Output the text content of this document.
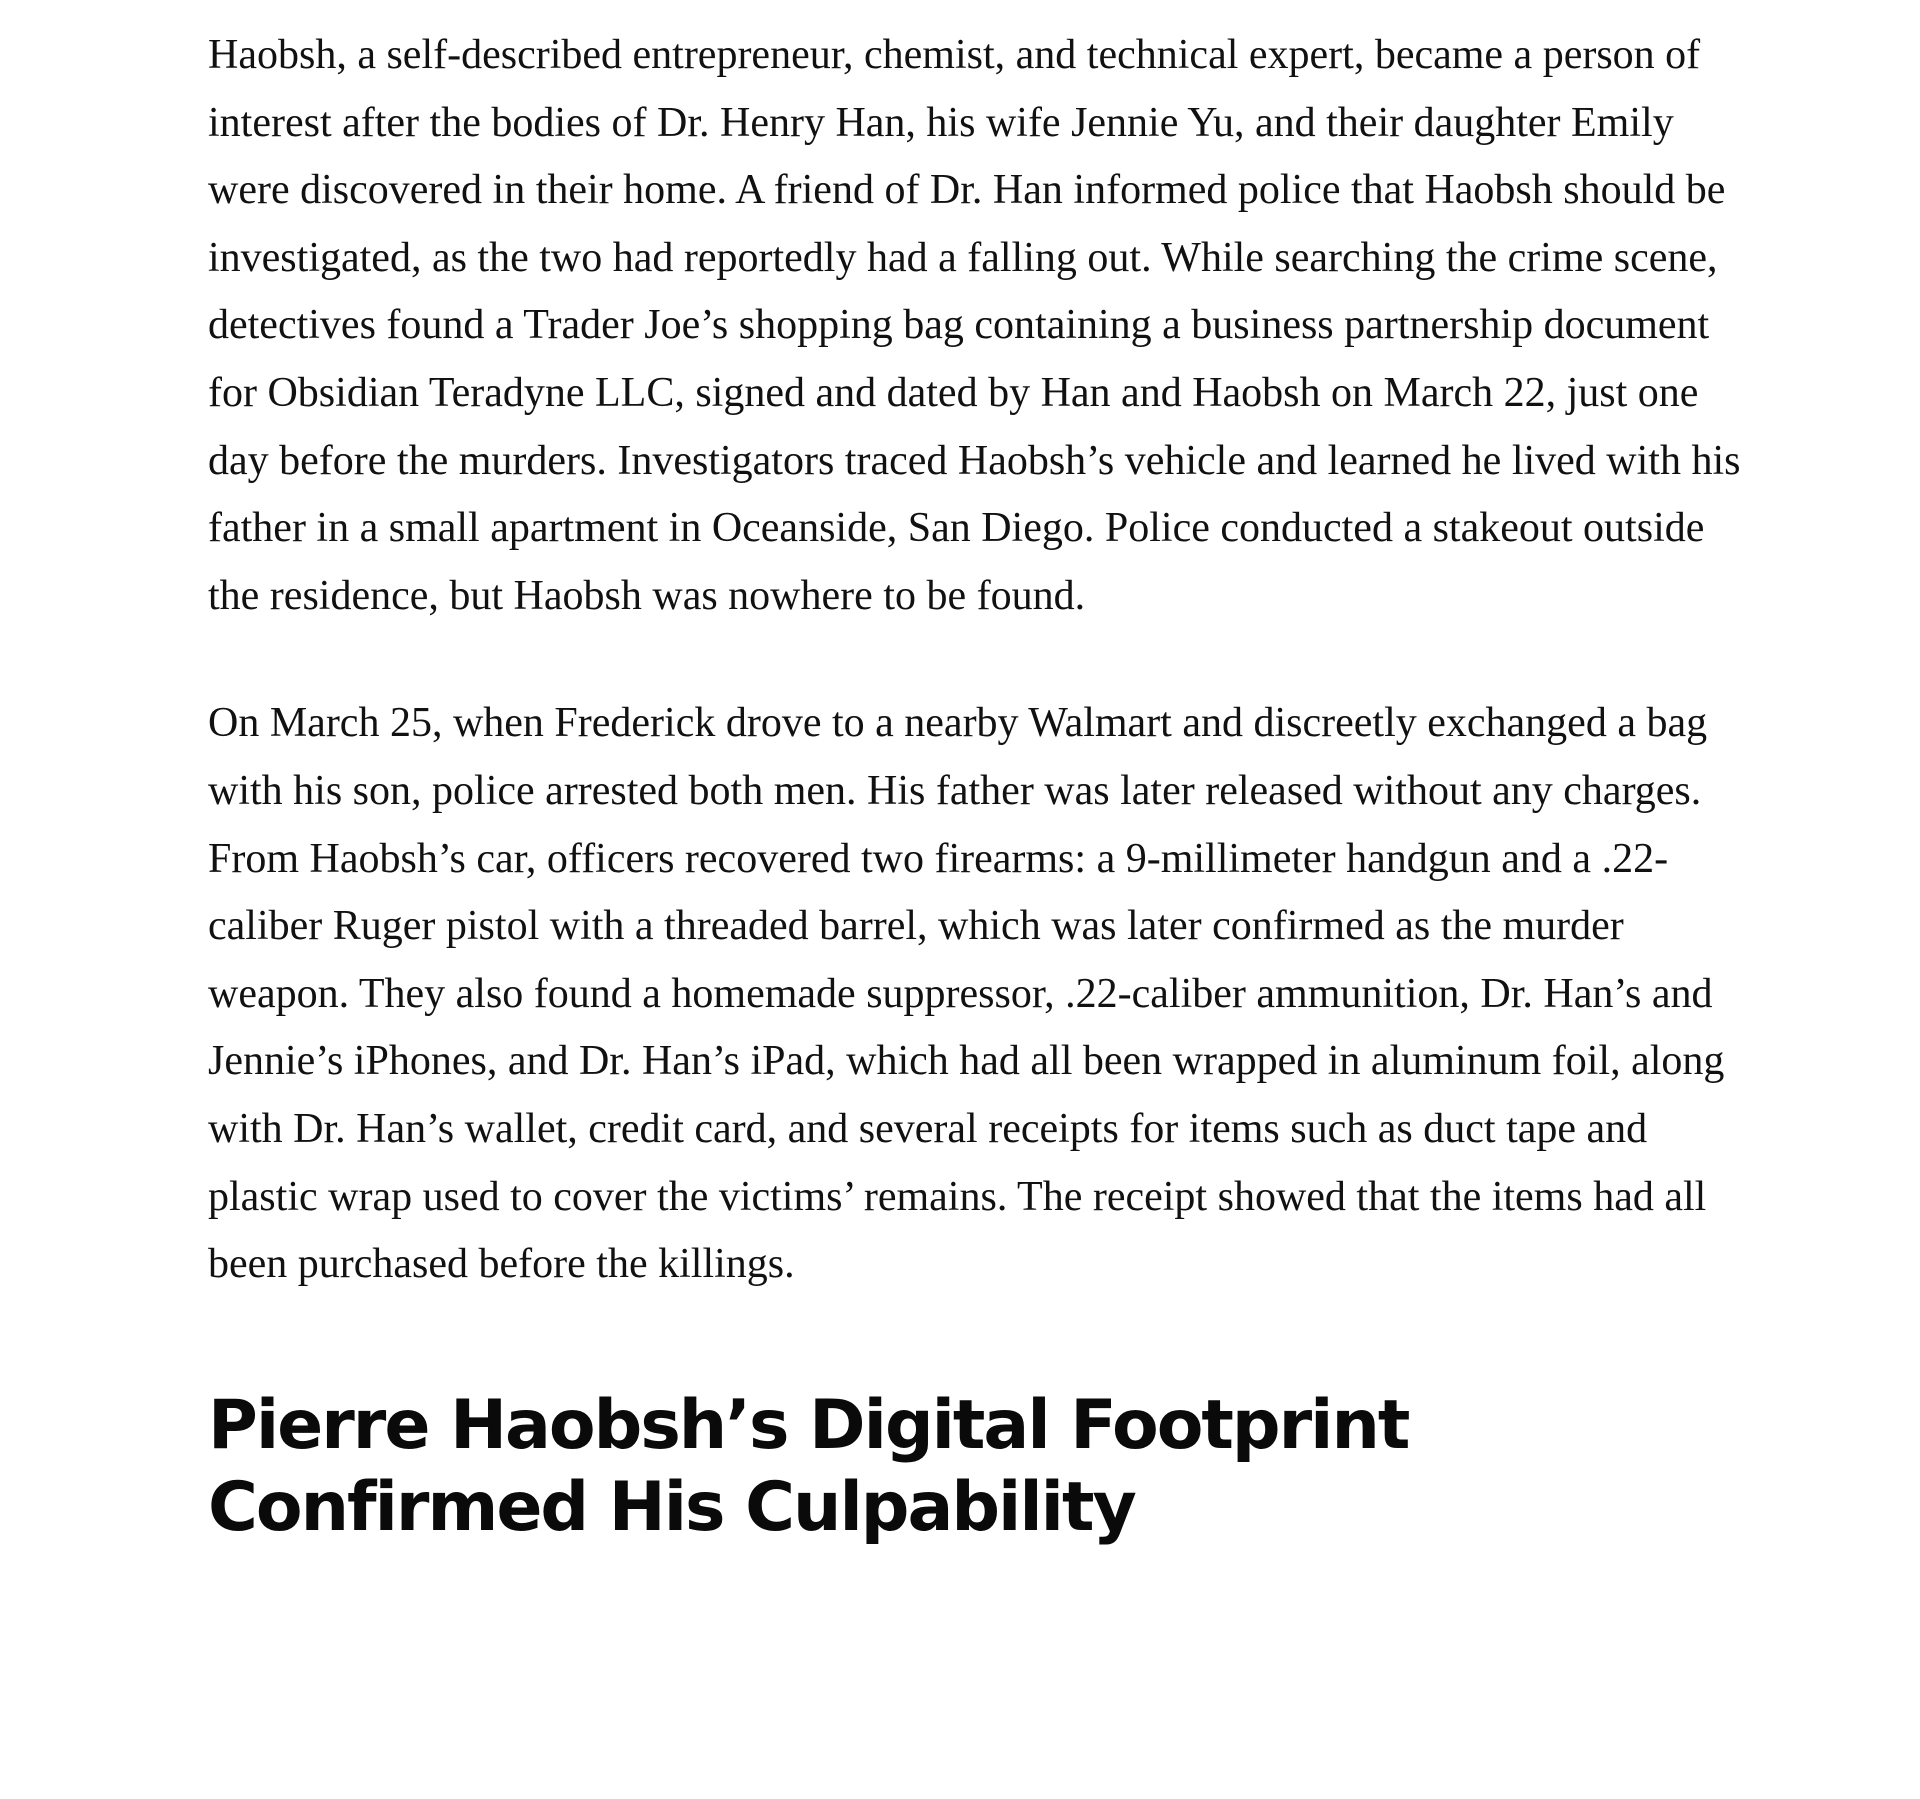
Haobsh, a self-described entrepreneur, chemist, and technical expert, became a person of interest after the bodies of Dr. Henry Han, his wife Jennie Yu, and their daughter Emily were discovered in their home. A friend of Dr. Han informed police that Haobsh should be investigated, as the two had reportedly had a falling out. While searching the crime scene, detectives found a Trader Joe’s shopping bag containing a business partnership document for Obsidian Teradyne LLC, signed and dated by Han and Haobsh on March 22, just one day before the murders. Investigators traced Haobsh’s vehicle and learned he lived with his father in a small apartment in Oceanside, San Diego. Police conducted a stakeout outside the residence, but Haobsh was nowhere to be found.

On March 25, when Frederick drove to a nearby Walmart and discreetly exchanged a bag with his son, police arrested both men. His father was later released without any charges. From Haobsh’s car, officers recovered two firearms: a 9-millimeter handgun and a .22-caliber Ruger pistol with a threaded barrel, which was later confirmed as the murder weapon. They also found a homemade suppressor, .22-caliber ammunition, Dr. Han’s and Jennie’s iPhones, and Dr. Han’s iPad, which had all been wrapped in aluminum foil, along with Dr. Han’s wallet, credit card, and several receipts for items such as duct tape and plastic wrap used to cover the victims’ remains. The receipt showed that the items had all been purchased before the killings.

Pierre Haobsh’s Digital Footprint Confirmed His Culpability
